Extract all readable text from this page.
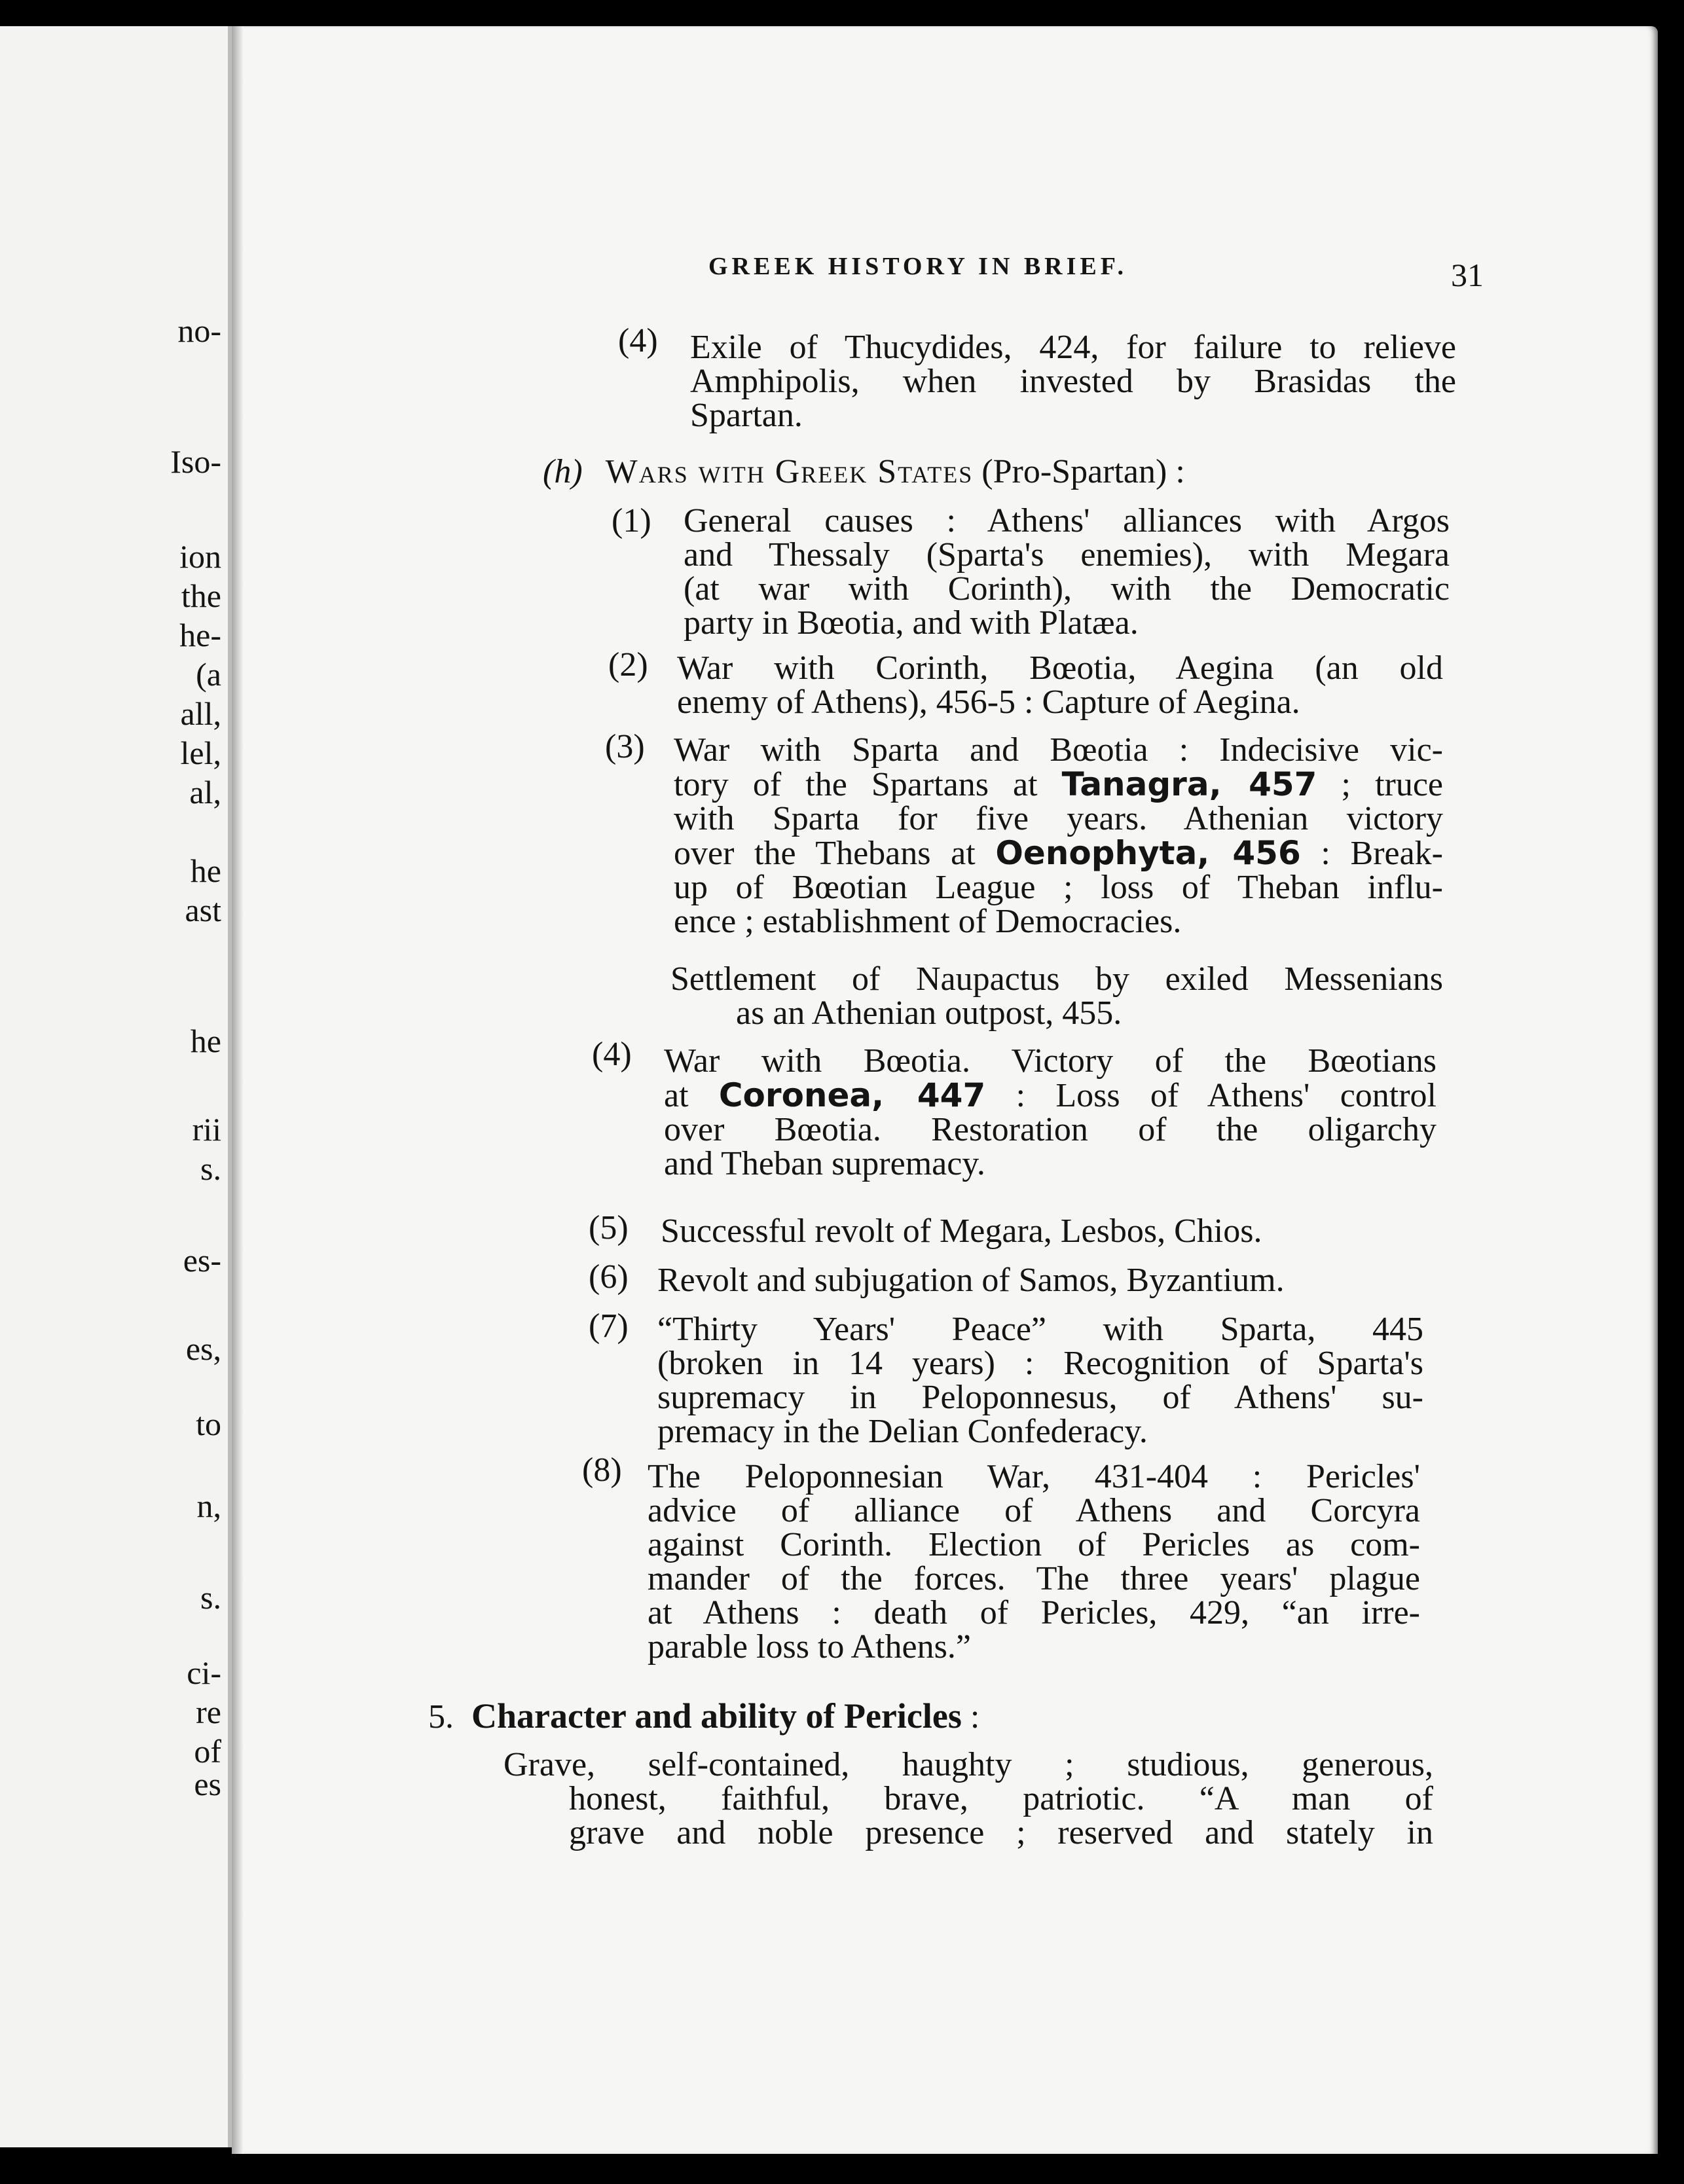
no-
Iso-
ion
the
he-
(a
all,
lel,
al,
he
ast
he
rii
s.
es-
es,
to
n,
s.
ci-
re
of
es
GREEK HISTORY IN BRIEF.	31
(4) Exile of Thucydides, 424, for failure to relieve
Amphipolis, when invested by Brasidas the
Spartan.
(h) Wars with Greek States (Pro-Spartan) :
(1) General causes : Athens' alliances with Argos
and Thessaly (Sparta's enemies), with Megara
(at war with Corinth), with the Democratic
party in Bœotia, and with Platæa.
(2) War with Corinth, Bœotia, Aegina (an old
enemy of Athens), 456-5 : Capture of Aegina.
(3) War with Sparta and Bœotia : Indecisive vic-
tory of the Spartans at Tanagra, 457 ; truce
with Sparta for five years. Athenian victory
over the Thebans at Oenophyta, 456 : Break-
up of Bœotian League ; loss of Theban influ-
ence ; establishment of Democracies.
Settlement of Naupactus by exiled Messenians
as an Athenian outpost, 455.
(4) War with Bœotia. Victory of the Bœotians
at Coronea, 447 : Loss of Athens' control
over Bœotia. Restoration of the oligarchy
and Theban supremacy.
(5) Successful revolt of Megara, Lesbos, Chios.
(6) Revolt and subjugation of Samos, Byzantium.
(7) “Thirty Years' Peace” with Sparta, 445
(broken in 14 years) : Recognition of Sparta's
supremacy in Peloponnesus, of Athens' su-
premacy in the Delian Confederacy.
(8) The Peloponnesian War, 431-404 : Pericles'
advice of alliance of Athens and Corcyra
against Corinth. Election of Pericles as com-
mander of the forces. The three years' plague
at Athens : death of Pericles, 429, “an irre-
parable loss to Athens.”
5. Character and ability of Pericles :
Grave, self-contained, haughty ; studious, generous,
honest, faithful, brave, patriotic. “A man of
grave and noble presence ; reserved and stately in
